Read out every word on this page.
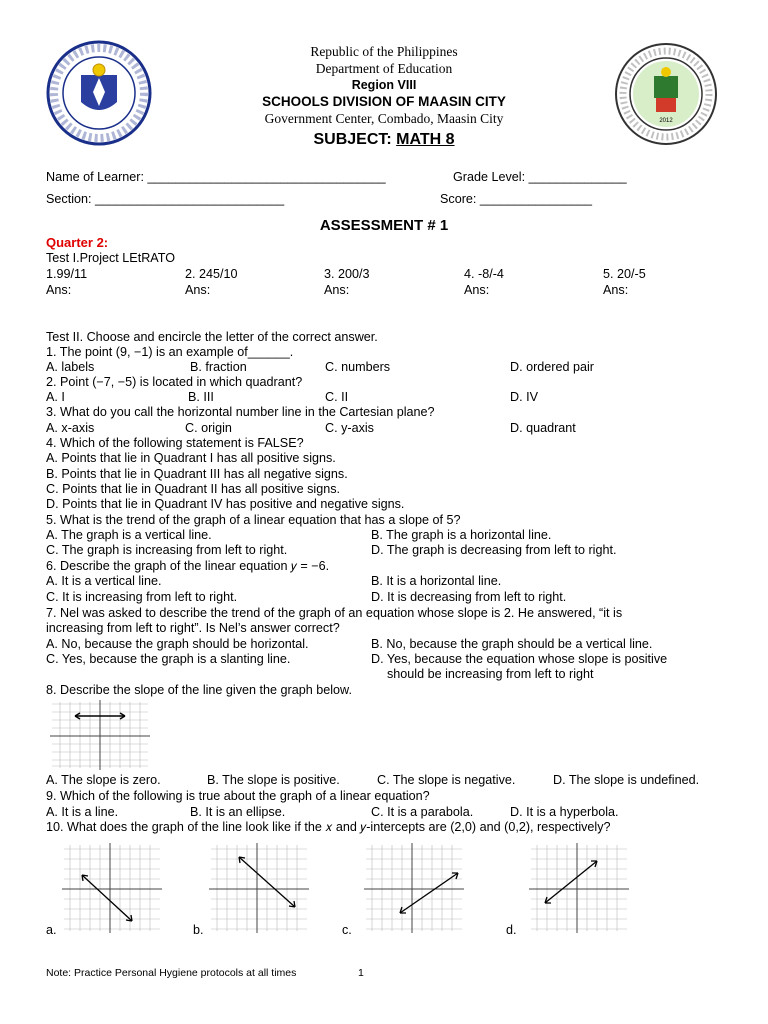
2012
Republic of the Philippines
Department of Education
Region VIII
SCHOOLS DIVISION OF MAASIN CITY
Government Center, Combado, Maasin City
SUBJECT: MATH 8
Name of Learner: __________________________________	Grade Level: ______________
Section: ___________________________	Score: ________________
ASSESSMENT # 1
Quarter 2:
Test I.Project LEtRATO
1.99/11	2. 245/10	3. 200/3	4. -8/-4	5. 20/-5
Ans:	Ans:	Ans:	Ans:	Ans:
Test II. Choose and encircle the letter of the correct answer.
1. The point (9, −1) is an example of______.
A. labels	B. fraction	C. numbers	D. ordered pair
2. Point (−7, −5) is located in which quadrant?
A. I	B. III	C. II	D. IV
3. What do you call the horizontal number line in the Cartesian plane?
A. x-axis	C. origin	C. y-axis	D. quadrant
4. Which of the following statement is FALSE?
A. Points that lie in Quadrant I has all positive signs.
B. Points that lie in Quadrant III has all negative signs.
C. Points that lie in Quadrant II has all positive signs.
D. Points that lie in Quadrant IV has positive and negative signs.
5. What is the trend of the graph of a linear equation that has a slope of 5?
A. The graph is a vertical line.	B. The graph is a horizontal line.
C. The graph is increasing from left to right.	D. The graph is decreasing from left to right.
6. Describe the graph of the linear equation 𝑦 = −6.
A. It is a vertical line.	B. It is a horizontal line.
C. It is increasing from left to right.	D. It is decreasing from left to right.
7. Nel was asked to describe the trend of the graph of an equation whose slope is 2. He answered, “it is
increasing from left to right”. Is Nel’s answer correct?
A. No, because the graph should be horizontal.	B. No, because the graph should be a vertical line.
C. Yes, because the graph is a slanting line.	D. Yes, because the equation whose slope is positive
should be increasing from left to right
8. Describe the slope of the line given the graph below.
A. The slope is zero.	B. The slope is positive.	C. The slope is negative.	D. The slope is undefined.
9. Which of the following is true about the graph of a linear equation?
A. It is a line.	B. It is an ellipse.	C. It is a parabola.	D. It is a hyperbola.
10. What does the graph of the line look like if the 𝑥 and 𝑦-intercepts are (2,0) and (0,2), respectively?
a.	b.	c.	d.
Note: Practice Personal Hygiene protocols at all times	1
